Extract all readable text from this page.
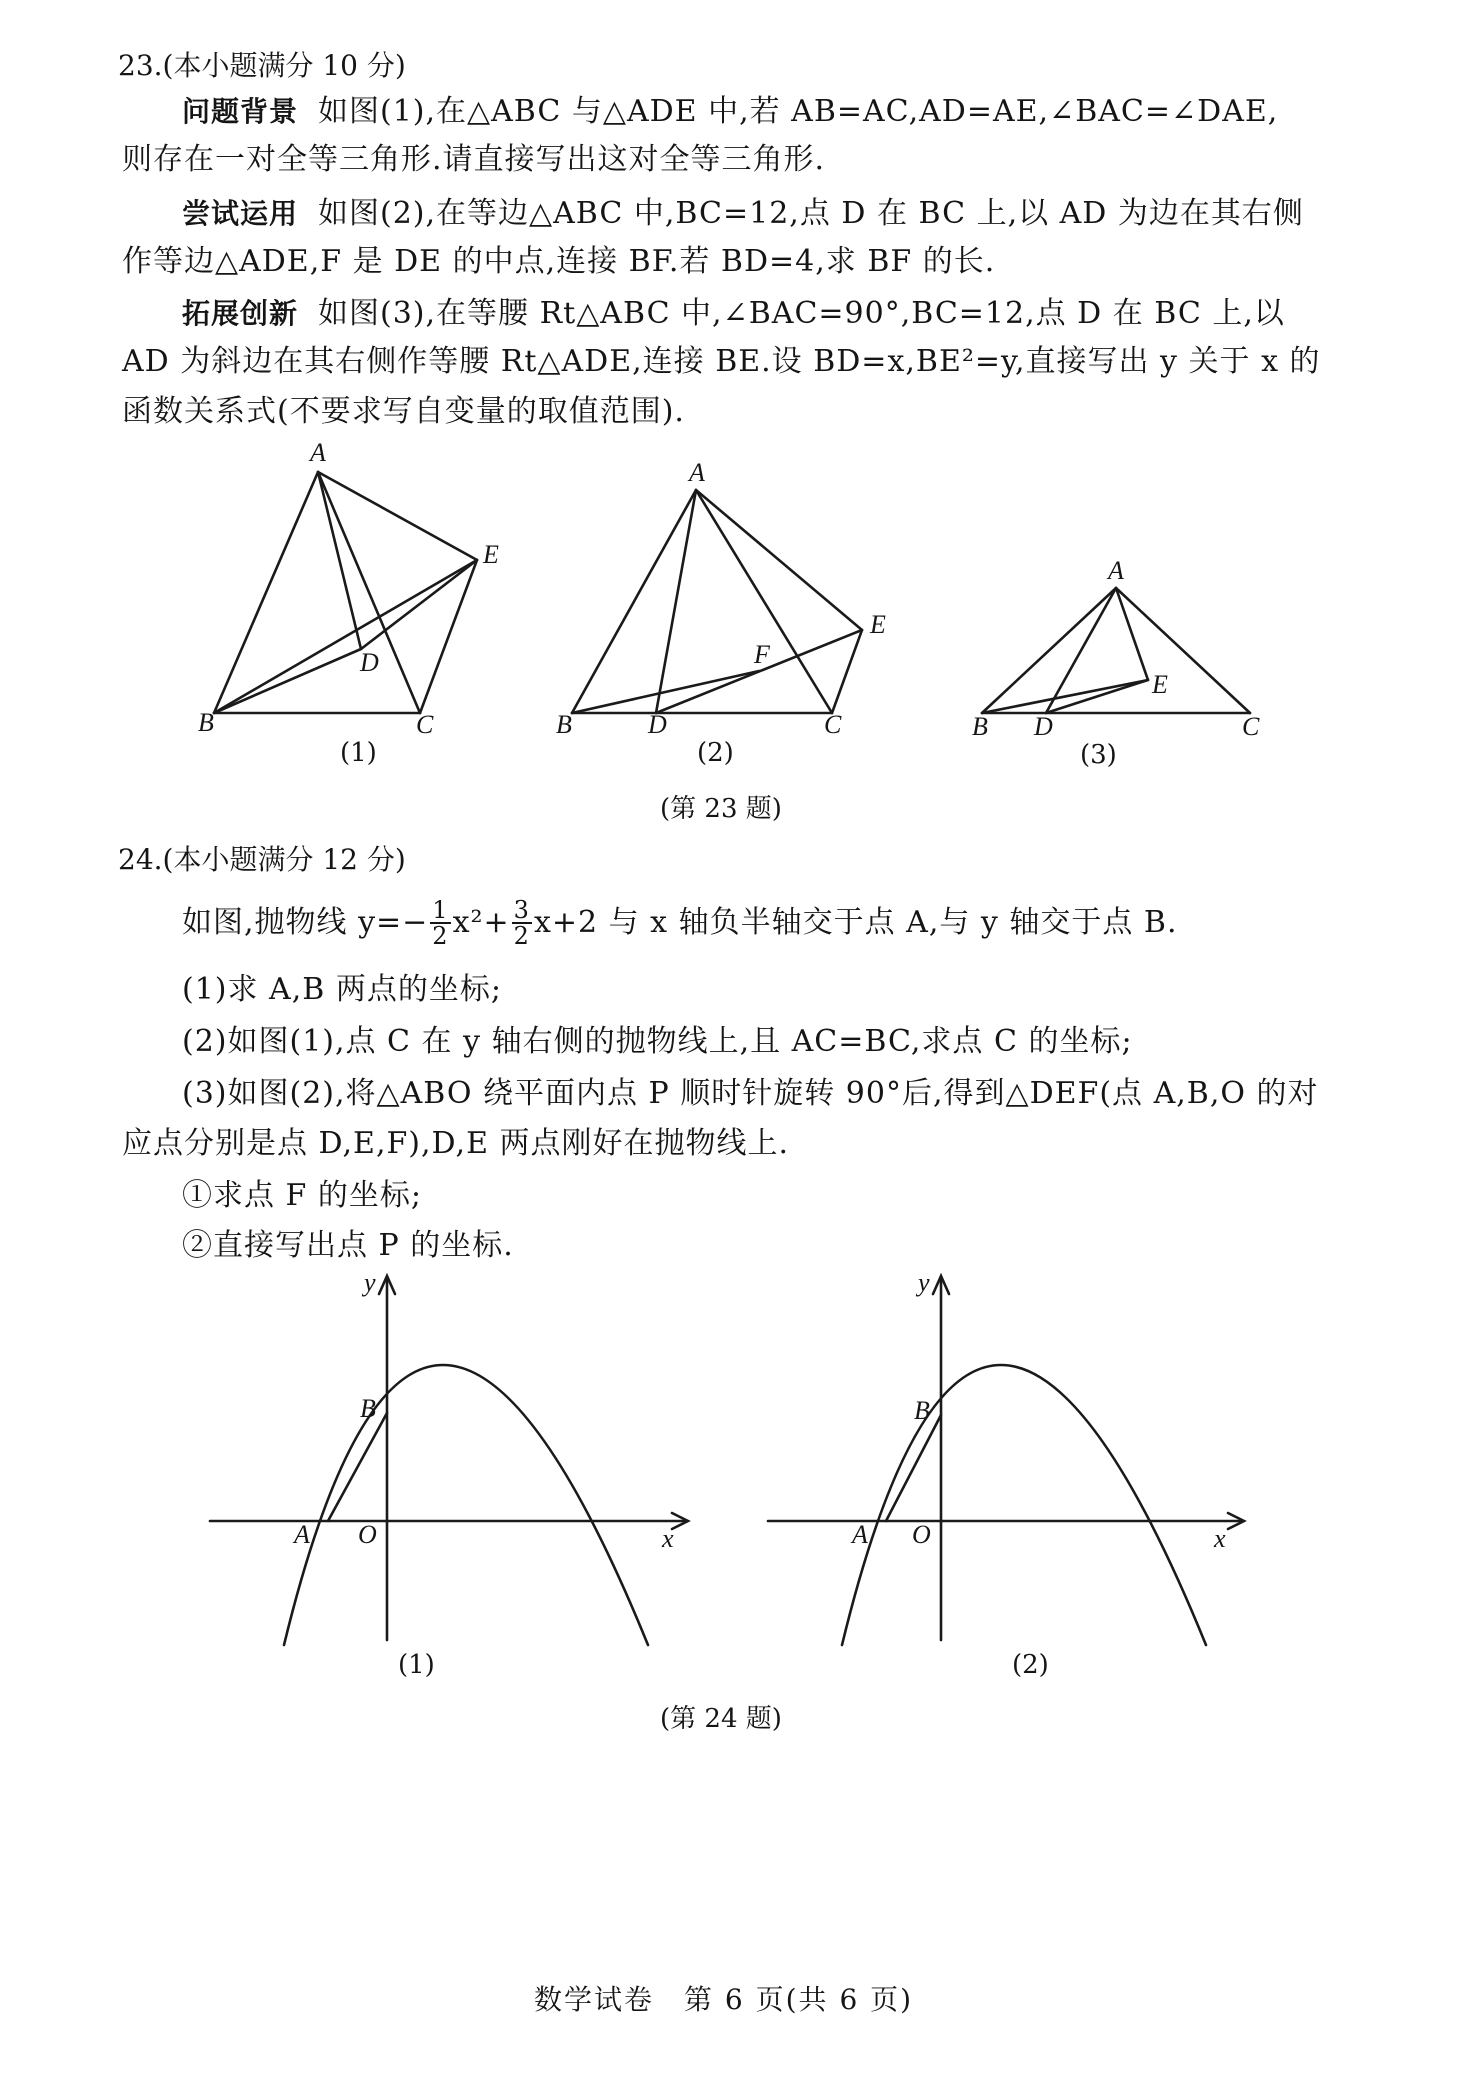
23.(本小题满分 10 分)
问题背景 如图(1),在△ABC 与△ADE 中,若 AB=AC,AD=AE,∠BAC=∠DAE,
则存在一对全等三角形.请直接写出这对全等三角形.
尝试运用 如图(2),在等边△ABC 中,BC=12,点 D 在 BC 上,以 AD 为边在其右侧
作等边△ADE,F 是 DE 的中点,连接 BF.若 BD=4,求 BF 的长.
拓展创新 如图(3),在等腰 Rt△ABC 中,∠BAC=90°,BC=12,点 D 在 BC 上,以
AD 为斜边在其右侧作等腰 Rt△ADE,连接 BE.设 BD=x,BE²=y,直接写出 y 关于 x 的
函数关系式(不要求写自变量的取值范围).
A
B	C
D
E
(1)
A
B	C
D
E
F
(2)
A
B	C
D
E
(3)
(第 23 题)
24.(本小题满分 12 分)
如图,抛物线 $y=- \frac{1}{2} x^2+ \frac{3}{2} x+2$ 与 x 轴负半轴交于点 A,与 y 轴交于点 B.
(1)求 A,B 两点的坐标;
(2)如图(1),点 C 在 y 轴右侧的抛物线上,且 AC=BC,求点 C 的坐标;
(3)如图(2),将△ABO 绕平面内点 P 顺时针旋转 90°后,得到△DEF(点 A,B,O 的对
应点分别是点 D,E,F),D,E 两点刚好在抛物线上.
①求点 F 的坐标;
②直接写出点 P 的坐标.
y
x
O
A
B
(1)
y
x
O
A
B
(2)
(第 24 题)
数学试卷　第 6 页(共 6 页)
